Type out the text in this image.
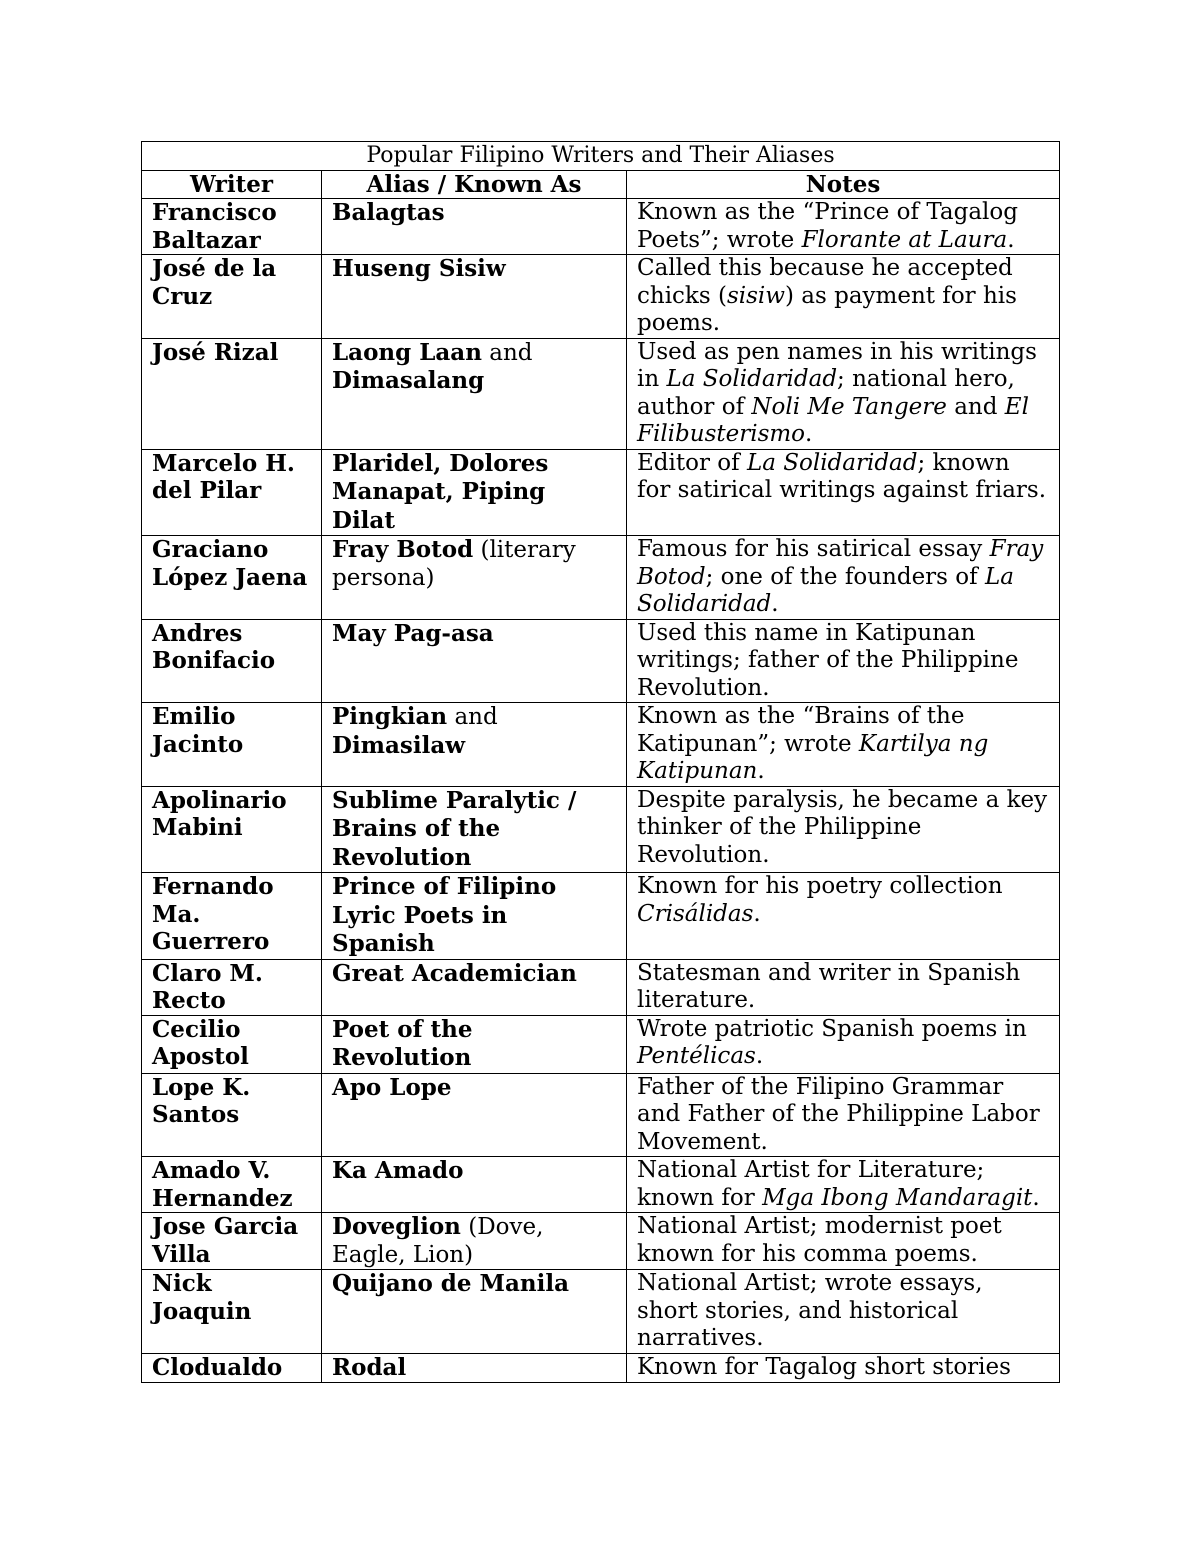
Popular Filipino Writers and Their Aliases		
Writer	Alias / Known As	Notes
Francisco Baltazar	Balagtas	Known as the “Prince of Tagalog Poets”; wrote Florante at Laura.
José de la Cruz	Huseng Sisiw	Called this because he accepted chicks (sisiw) as payment for his poems.
José Rizal	Laong Laan and Dimasalang	Used as pen names in his writings in La Solidaridad; national hero, author of Noli Me Tangere and El Filibusterismo.
Marcelo H. del Pilar	Plaridel, Dolores Manapat, Piping Dilat	Editor of La Solidaridad; known for satirical writings against friars.
Graciano López Jaena	Fray Botod (literary persona)	Famous for his satirical essay Fray Botod; one of the founders of La Solidaridad.
Andres Bonifacio	May Pag-asa	Used this name in Katipunan writings; father of the Philippine Revolution.
Emilio Jacinto	Pingkian and Dimasilaw	Known as the “Brains of the Katipunan”; wrote Kartilya ng Katipunan.
Apolinario Mabini	Sublime Paralytic / Brains of the Revolution	Despite paralysis, he became a key thinker of the Philippine Revolution.
Fernando Ma. Guerrero	Prince of Filipino Lyric Poets in Spanish	Known for his poetry collection Crisálidas.
Claro M. Recto	Great Academician	Statesman and writer in Spanish literature.
Cecilio Apostol	Poet of the Revolution	Wrote patriotic Spanish poems in Pentélicas.
Lope K. Santos	Apo Lope	Father of the Filipino Grammar and Father of the Philippine Labor Movement.
Amado V. Hernandez	Ka Amado	National Artist for Literature; known for Mga Ibong Mandaragit.
Jose Garcia Villa	Doveglion (Dove, Eagle, Lion)	National Artist; modernist poet known for his comma poems.
Nick Joaquin	Quijano de Manila	National Artist; wrote essays, short stories, and historical narratives.
Clodualdo	Rodal	Known for Tagalog short stories
